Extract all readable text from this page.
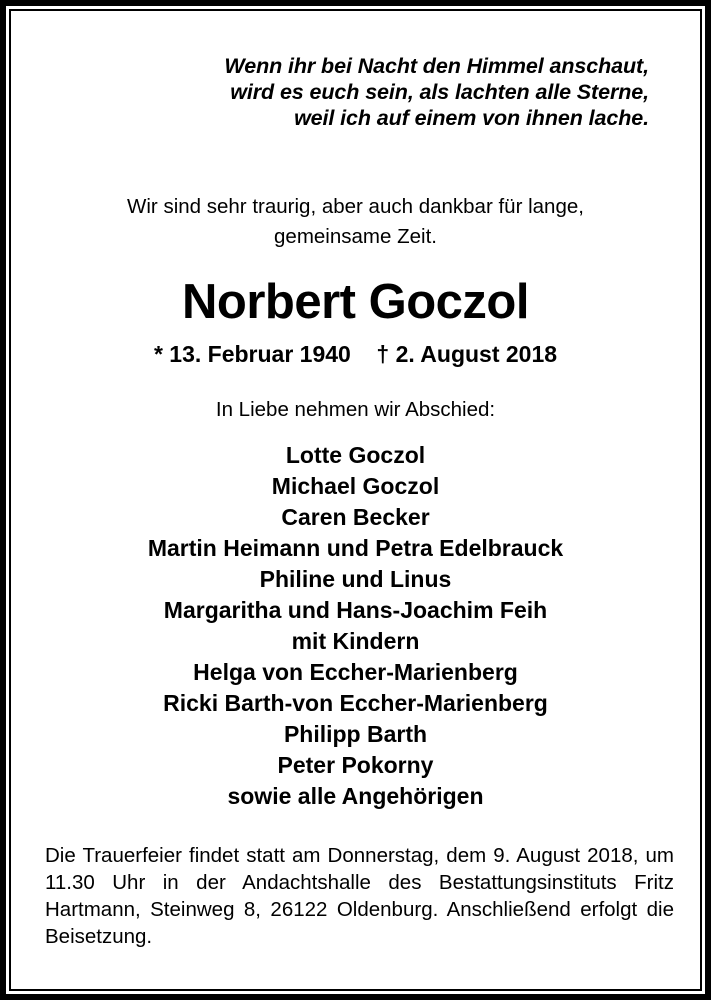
Wenn ihr bei Nacht den Himmel anschaut,
wird es euch sein, als lachten alle Sterne,
weil ich auf einem von ihnen lache.
Wir sind sehr traurig, aber auch dankbar für lange,
gemeinsame Zeit.
Norbert Goczol
* 13. Februar 1940    † 2. August 2018
In Liebe nehmen wir Abschied:
Lotte Goczol
Michael Goczol
Caren Becker
Martin Heimann und Petra Edelbrauck
Philine und Linus
Margaritha und Hans-Joachim Feih
mit Kindern
Helga von Eccher-Marienberg
Ricki Barth-von Eccher-Marienberg
Philipp Barth
Peter Pokorny
sowie alle Angehörigen
Die Trauerfeier findet statt am Donnerstag, dem 9. August 2018, um 11.30 Uhr in der Andachtshalle des Bestattungsinstituts Fritz Hartmann, Steinweg 8, 26122 Oldenburg. Anschließend erfolgt die Beisetzung.
